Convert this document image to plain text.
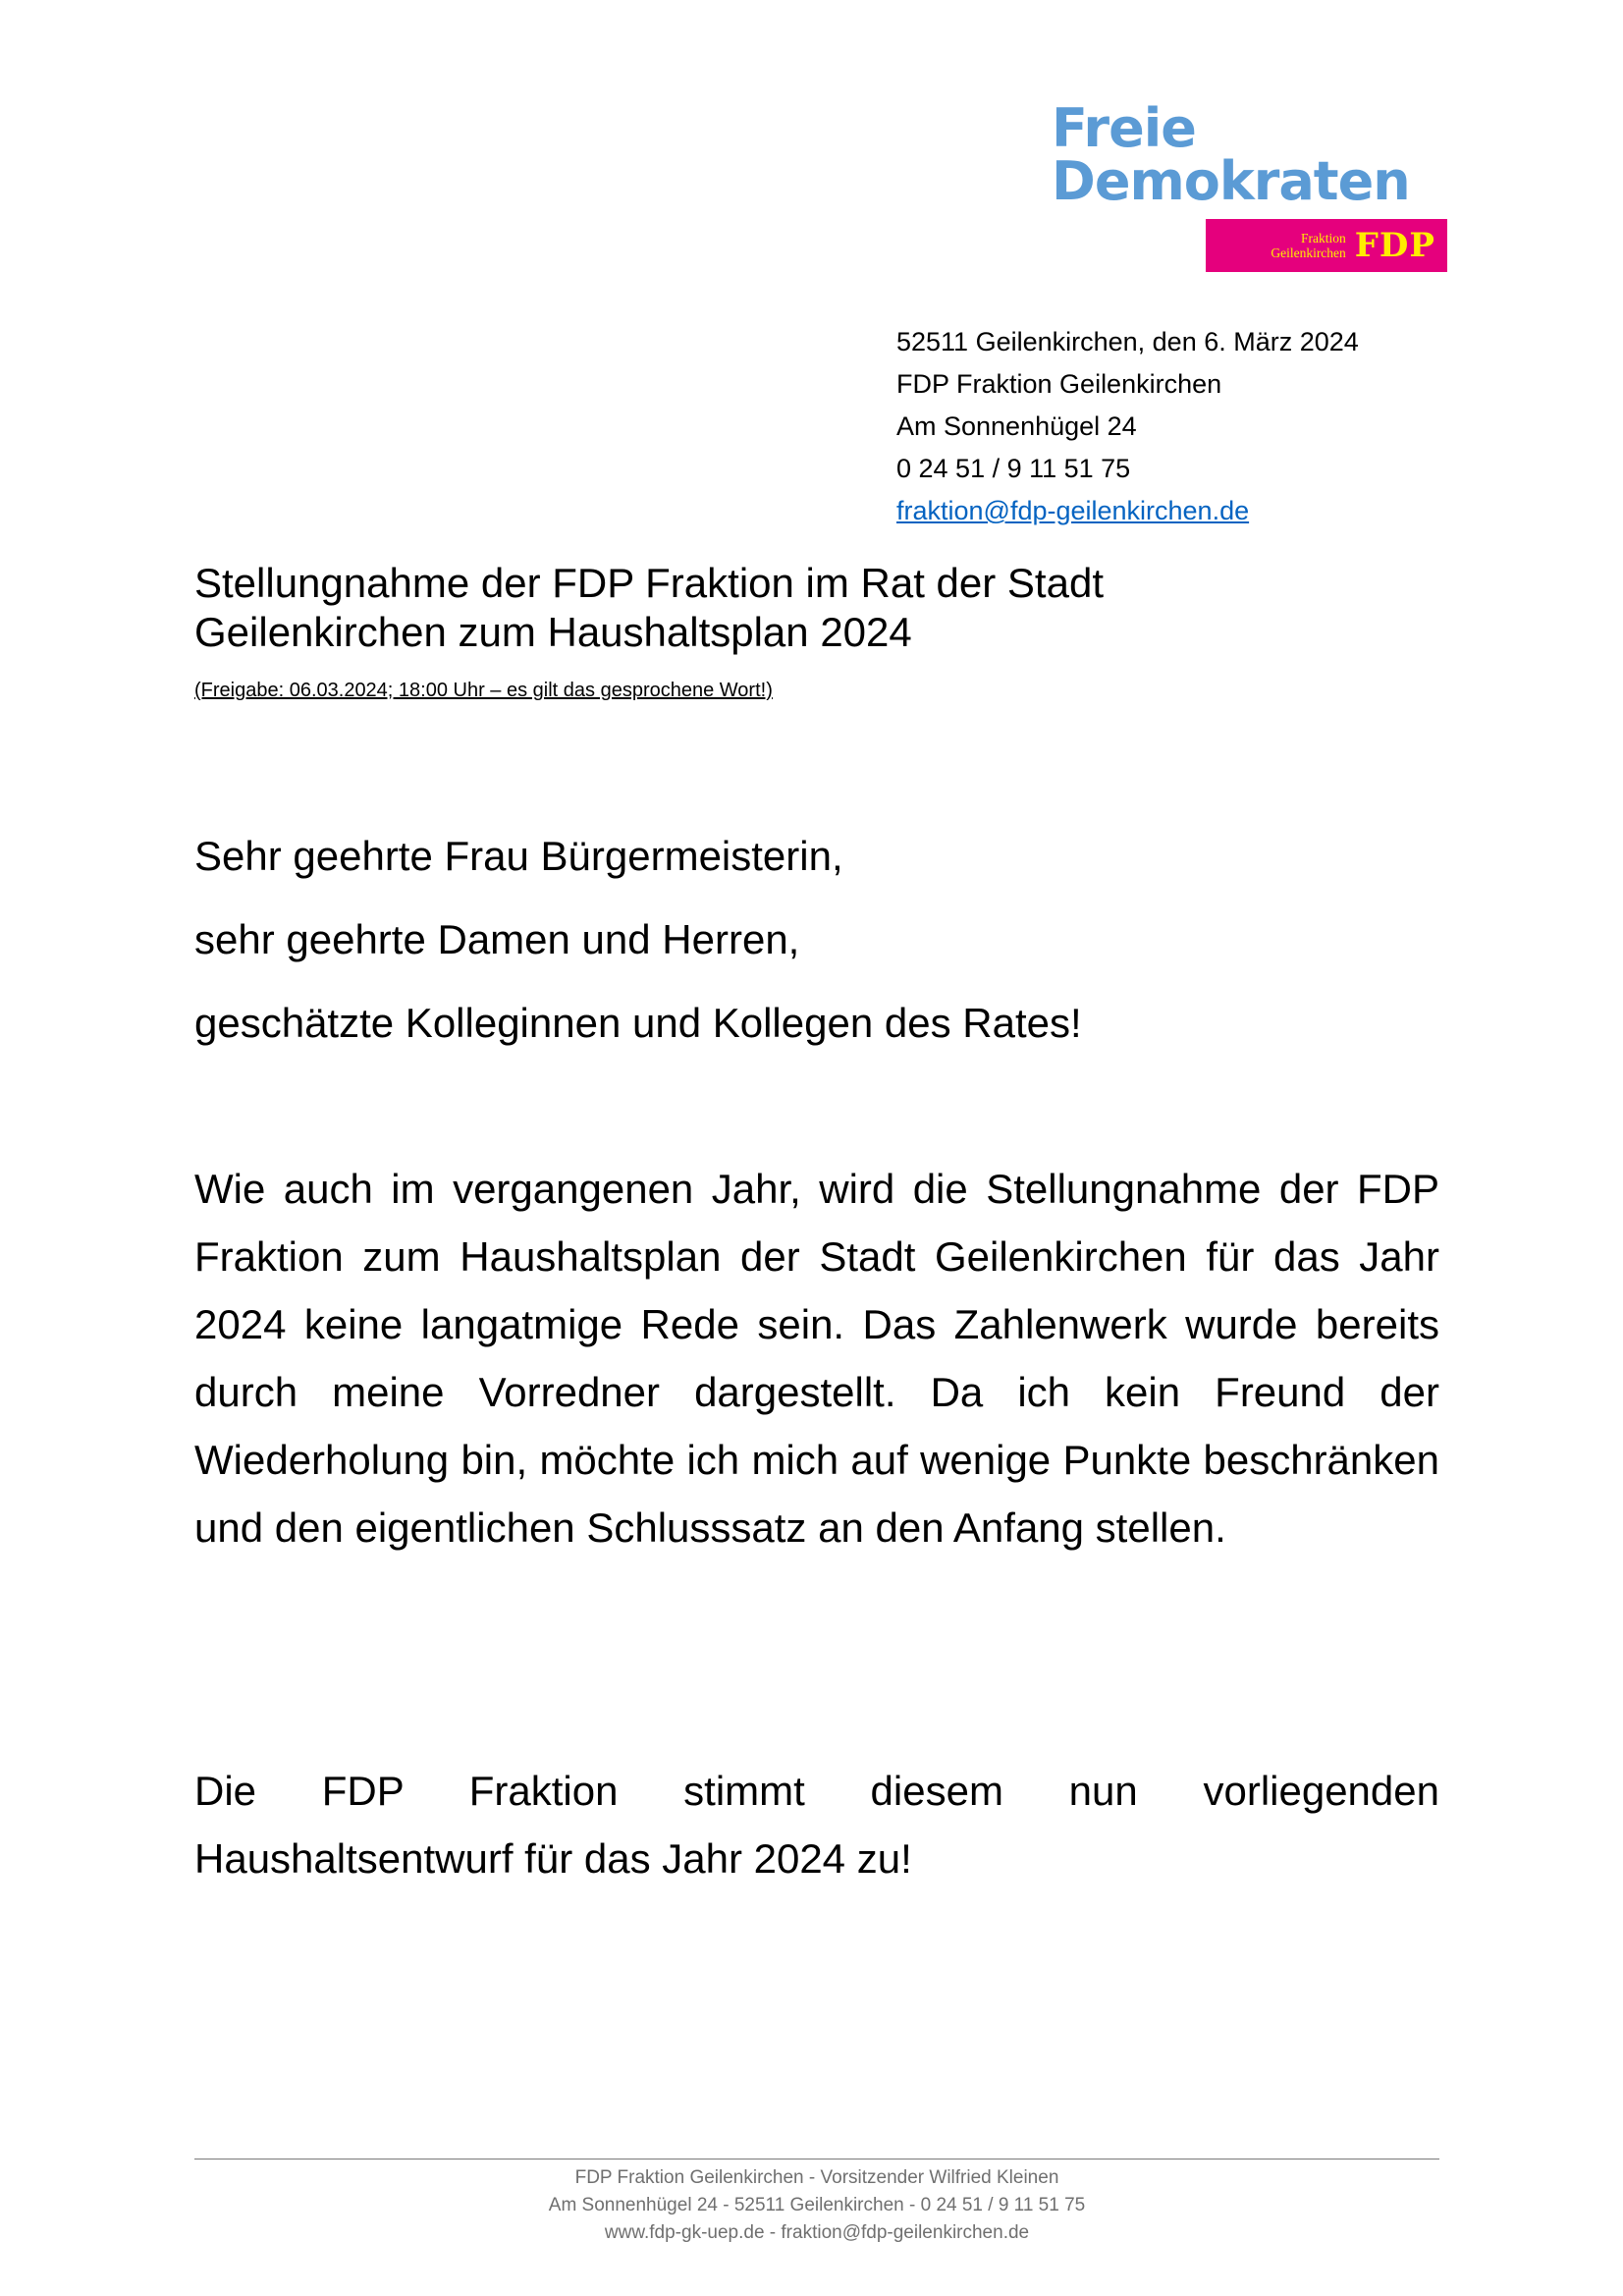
Freie
Demokraten
Fraktion
Geilenkirchen FDP
52511 Geilenkirchen, den 6. März 2024
FDP Fraktion Geilenkirchen
Am Sonnenhügel 24
0 24 51 / 9 11 51 75
fraktion@fdp-geilenkirchen.de
Stellungnahme der FDP Fraktion im Rat der Stadt
Geilenkirchen zum Haushaltsplan 2024
(Freigabe: 06.03.2024; 18:00 Uhr – es gilt das gesprochene Wort!)
Sehr geehrte Frau Bürgermeisterin,
sehr geehrte Damen und Herren,
geschätzte Kolleginnen und Kollegen des Rates!
Wie auch im vergangenen Jahr, wird die Stellungnahme der FDP Fraktion zum Haushaltsplan der Stadt Geilenkirchen für das Jahr 2024 keine langatmige Rede sein. Das Zahlenwerk wurde bereits durch meine Vorredner dargestellt. Da ich kein Freund der Wiederholung bin, möchte ich mich auf wenige Punkte beschränken und den eigentlichen Schlusssatz an den Anfang stellen.
Die FDP Fraktion stimmt diesem nun vorliegenden Haushaltsentwurf für das Jahr 2024 zu!
FDP Fraktion Geilenkirchen - Vorsitzender Wilfried Kleinen
Am Sonnenhügel 24 - 52511 Geilenkirchen - 0 24 51 / 9 11 51 75
www.fdp-gk-uep.de - fraktion@fdp-geilenkirchen.de
